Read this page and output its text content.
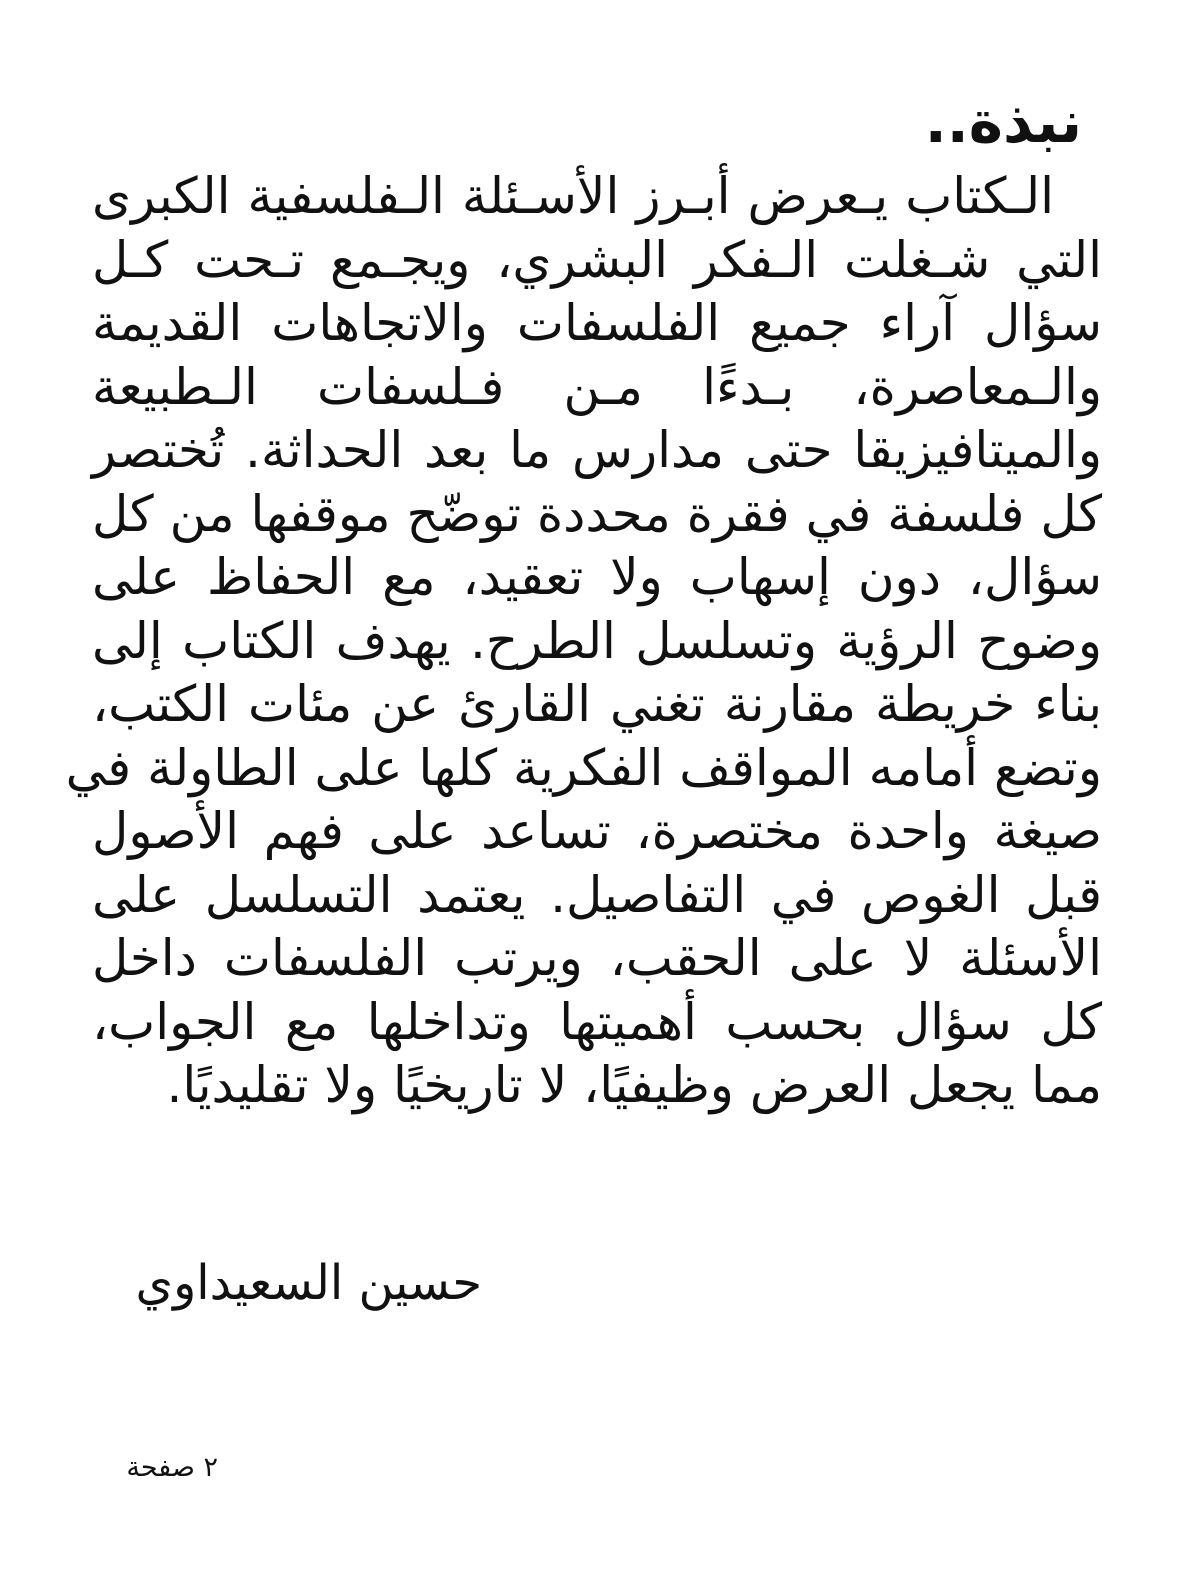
نبذة..
الـكتاب يـعرض أبـرز الأسـئلة الـفلسفية الكبرى
التي شـغلت الـفكر البشري، ويجـمع تـحت كـل
سؤال آراء جميع الفلسفات والاتجاهات القديمة
والـمعاصرة، بـدءًا مـن فـلسفات الـطبيعة
والميتافيزيقا حتى مدارس ما بعد الحداثة. تُختصر
كل فلسفة في فقرة محددة توضّح موقفها من كل
سؤال، دون إسهاب ولا تعقيد، مع الحفاظ على
وضوح الرؤية وتسلسل الطرح. يهدف الكتاب إلى
بناء خريطة مقارنة تغني القارئ عن مئات الكتب،
وتضع أمامه المواقف الفكرية كلها على الطاولة في
صيغة واحدة مختصرة، تساعد على فهم الأصول
قبل الغوص في التفاصيل. يعتمد التسلسل على
الأسئلة لا على الحقب، ويرتب الفلسفات داخل
كل سؤال بحسب أهميتها وتداخلها مع الجواب،
مما يجعل العرض وظيفيًا، لا تاريخيًا ولا تقليديًا.

حسين السعيداوي

٢ صفحة
